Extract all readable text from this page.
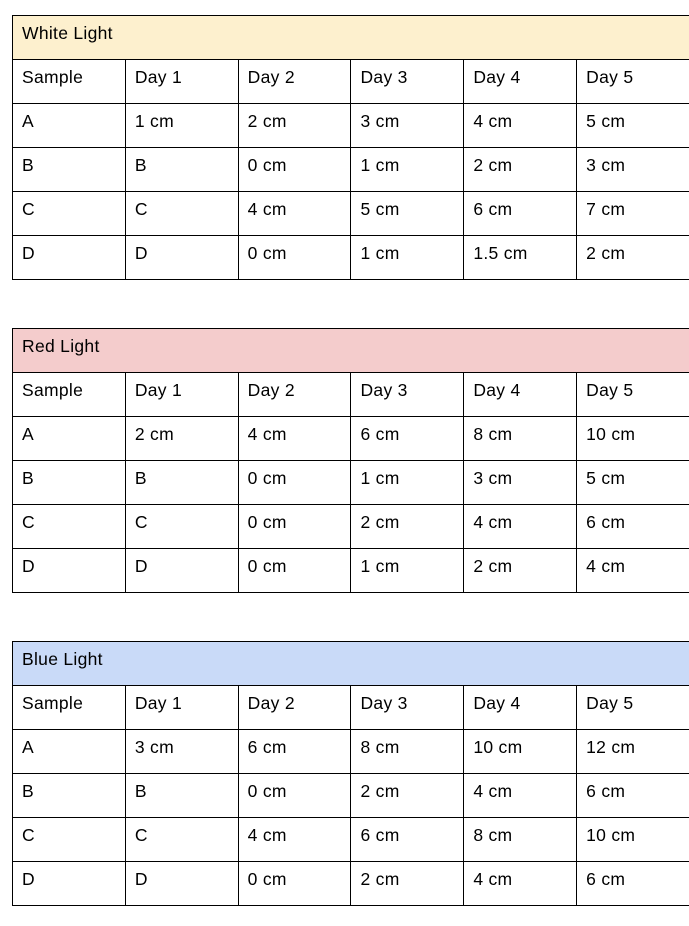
White Light					
Sample	Day 1	Day 2	Day 3	Day 4	Day 5
A	1 cm	2 cm	3 cm	4 cm	5 cm
B	B	0 cm	1 cm	2 cm	3 cm
C	C	4 cm	5 cm	6 cm	7 cm
D	D	0 cm	1 cm	1.5 cm	2 cm
Red Light					
Sample	Day 1	Day 2	Day 3	Day 4	Day 5
A	2 cm	4 cm	6 cm	8 cm	10 cm
B	B	0 cm	1 cm	3 cm	5 cm
C	C	0 cm	2 cm	4 cm	6 cm
D	D	0 cm	1 cm	2 cm	4 cm
Blue Light					
Sample	Day 1	Day 2	Day 3	Day 4	Day 5
A	3 cm	6 cm	8 cm	10 cm	12 cm
B	B	0 cm	2 cm	4 cm	6 cm
C	C	4 cm	6 cm	8 cm	10 cm
D	D	0 cm	2 cm	4 cm	6 cm
